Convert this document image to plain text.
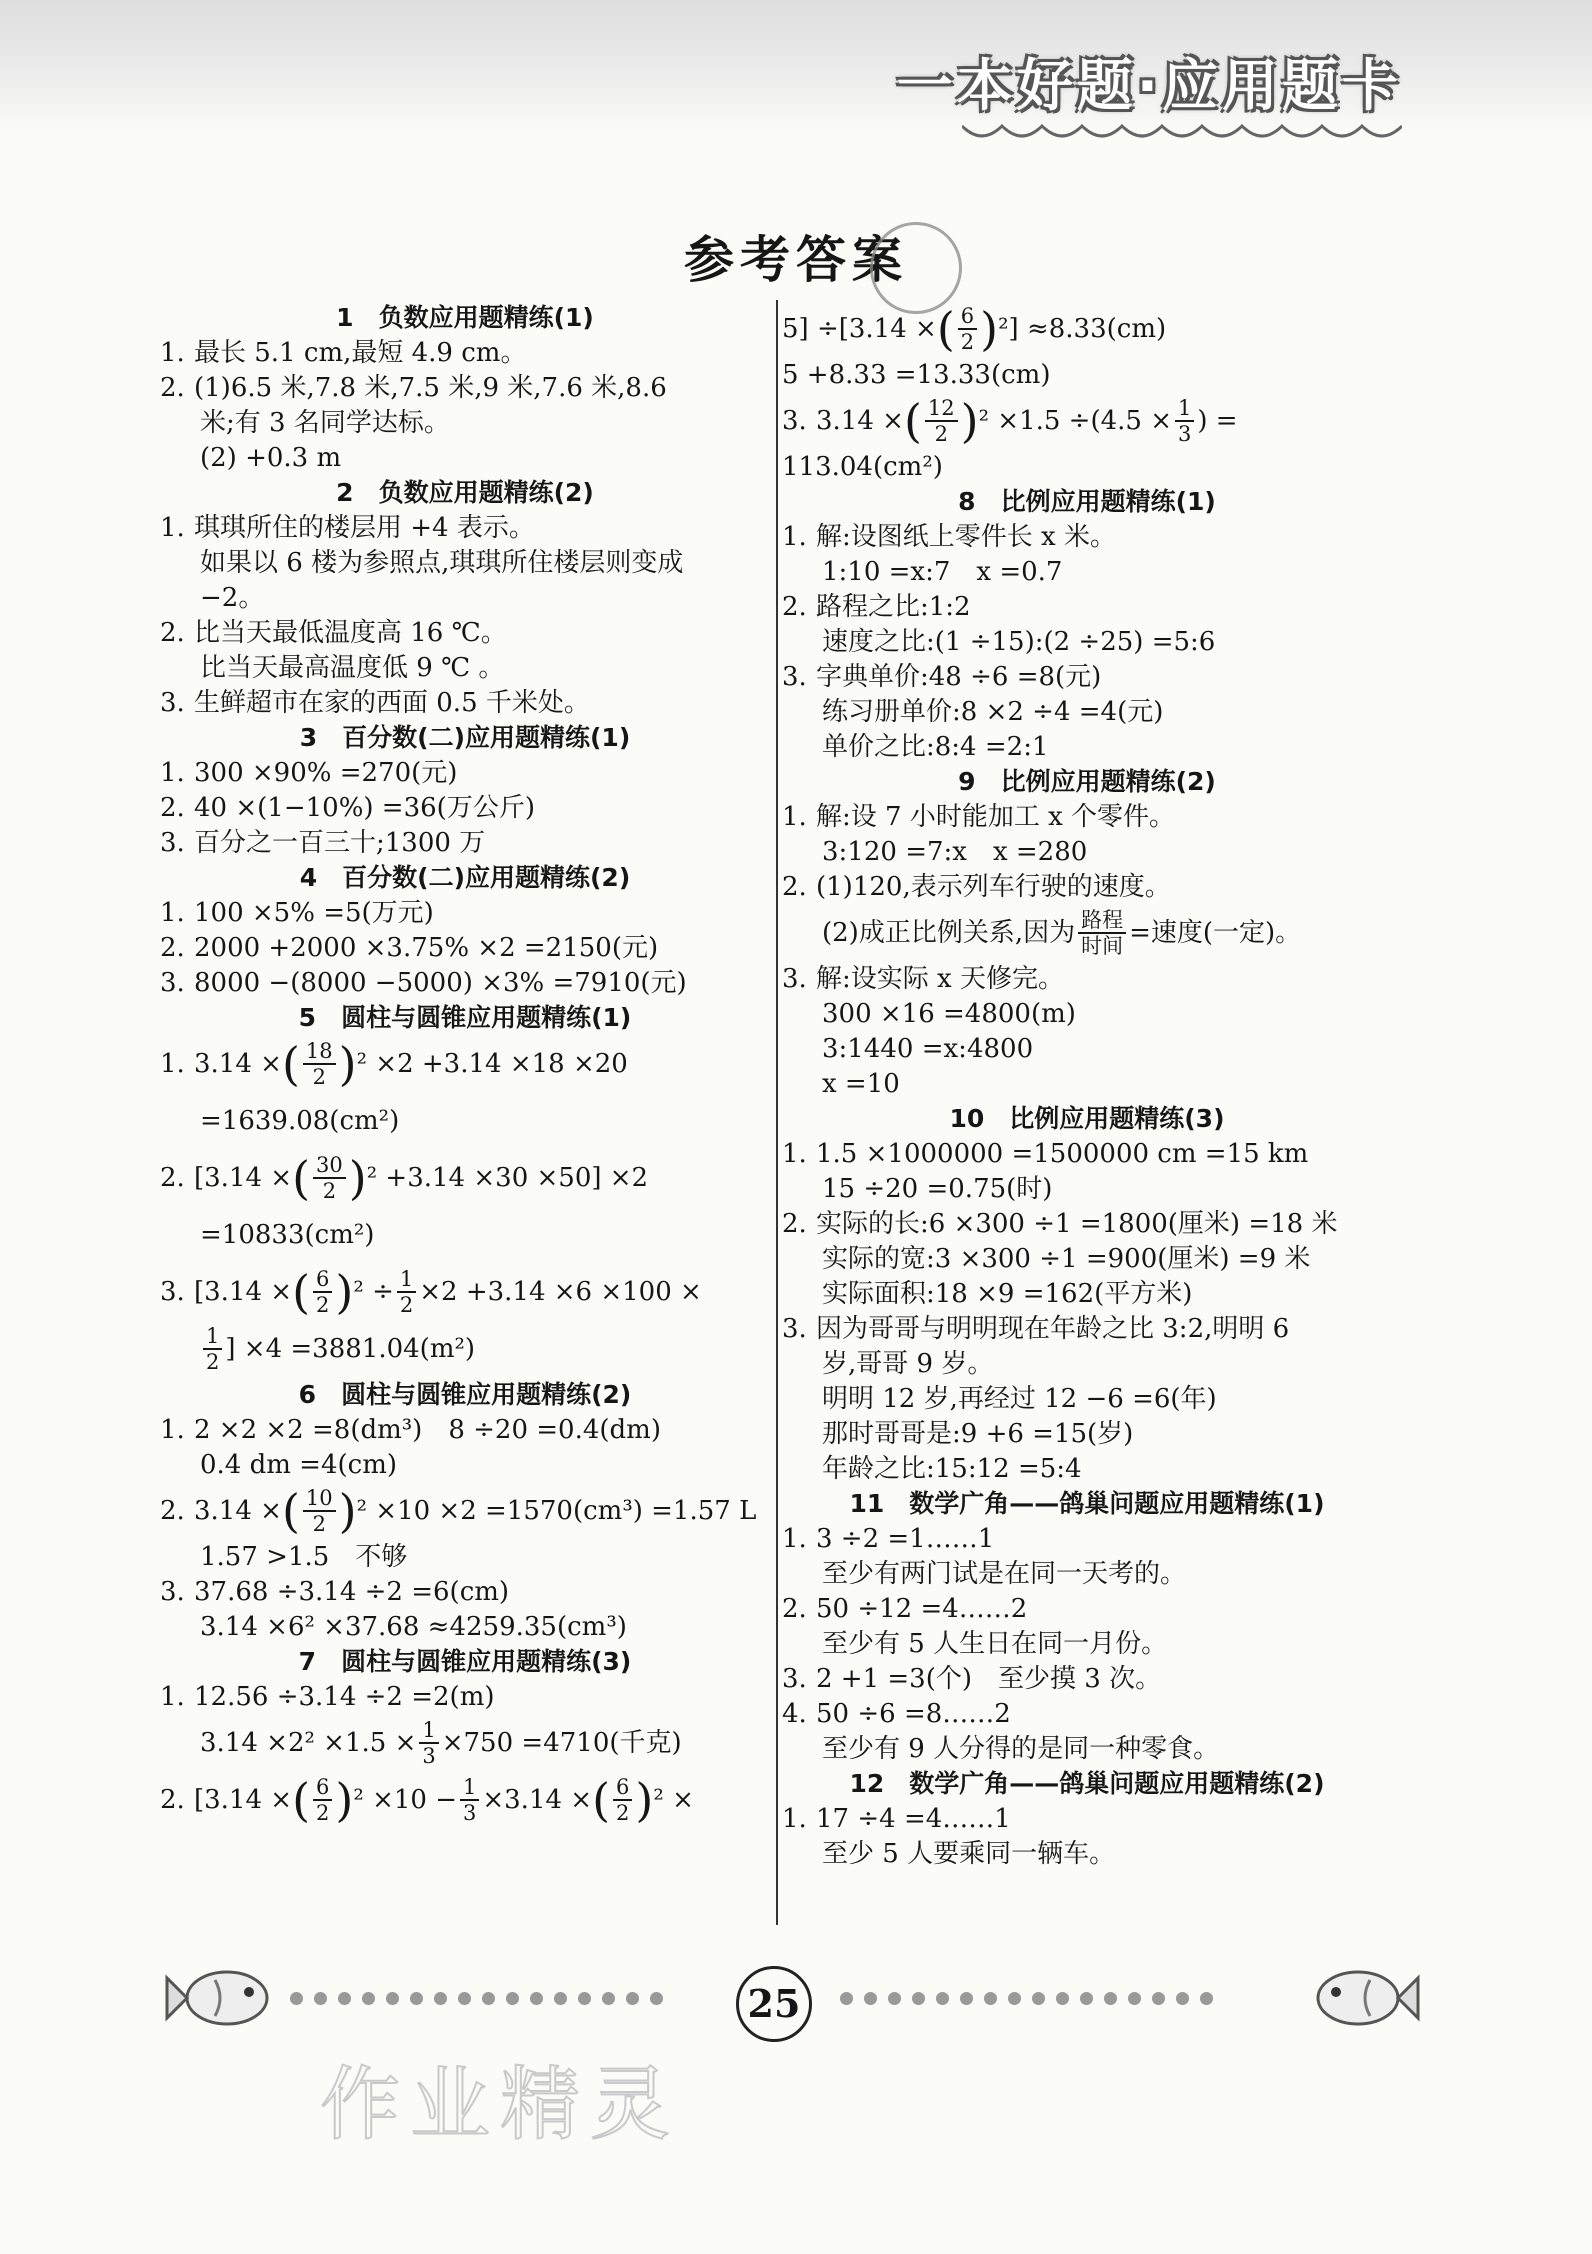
一本好题·应用题卡
参考答案
1　负数应用题精练(1)
1. 最长 5.1 cm,最短 4.9 cm。
2. (1)6.5 米,7.8 米,7.5 米,9 米,7.6 米,8.6
米;有 3 名同学达标。
(2) +0.3 m
2　负数应用题精练(2)
1. 琪琪所住的楼层用 +4 表示。
如果以 6 楼为参照点,琪琪所住楼层则变成
−2。
2. 比当天最低温度高 16 ℃。
比当天最高温度低 9 ℃ 。
3. 生鲜超市在家的西面 0.5 千米处。
3　百分数(二)应用题精练(1)
1. 300 ×90% =270(元)
2. 40 ×(1−10%) =36(万公斤)
3. 百分之一百三十;1300 万
4　百分数(二)应用题精练(2)
1. 100 ×5% =5(万元)
2. 2000 +2000 ×3.75% ×2 =2150(元)
3. 8000 −(8000 −5000) ×3% =7910(元)
5　圆柱与圆锥应用题精练(1)
1. 3.14 × ( $\frac{18}{2}$ ) ² ×2 +3.14 ×18 ×20
=1639.08(cm²)
2. [3.14 × ( $\frac{30}{2}$ ) ² +3.14 ×30 ×50] ×2
=10833(cm²)
3. [3.14 × ( $\frac{6}{2}$ ) $^2 \div \frac{1}{2} \times 2 +3.14 \times 6 \times 100$ ×
$\frac{1}{2}$ ] ×4 =3881.04(m²)
6　圆柱与圆锥应用题精练(2)
1. 2 ×2 ×2 =8(dm³)　8 ÷20 =0.4(dm)
0.4 dm =4(cm)
2. 3.14 × ( $\frac{10}{2}$ ) ² ×10 ×2 =1570(cm³) =1.57 L
1.57 >1.5　不够
3. 37.68 ÷3.14 ÷2 =6(cm)
3.14 ×6² ×37.68 ≈4259.35(cm³)
7　圆柱与圆锥应用题精练(3)
1. 12.56 ÷3.14 ÷2 =2(m)
$3.14 \times 2^2 \times 1.5 \times \frac{1}{3} \times 750 =4710$(千克)
2. [3.14 × ( $\frac{6}{2}$ ) $^2 \times 10 - \frac{1}{3} \times 3.14$ × ( $\frac{6}{2}$ ) ² ×
5] ÷[3.14 × ( $\frac{6}{2}$ ) ²] ≈8.33(cm)
5 +8.33 =13.33(cm)
3. 3.14 × ( $\frac{12}{2}$ ) $^2 \times 1.5 \div(4.5 \times \frac{1}{3}$ ) =
113.04(cm²)
8　比例应用题精练(1)
1. 解:设图纸上零件长 x 米。
1:10 =x:7　x =0.7
2. 路程之比:1:2
速度之比:(1 ÷15):(2 ÷25) =5:6
3. 字典单价:48 ÷6 =8(元)
练习册单价:8 ×2 ÷4 =4(元)
单价之比:8:4 =2:1
9　比例应用题精练(2)
1. 解:设 7 小时能加工 x 个零件。
3:120 =7:x　x =280
2. (1)120,表示列车行驶的速度。
(2)成正比例关系,因为 $\frac{\text{路程}}{\text{时间}}$ =速度(一定)。
3. 解:设实际 x 天修完。
300 ×16 =4800(m)
3:1440 =x:4800
x =10
10　比例应用题精练(3)
1. 1.5 ×1000000 =1500000 cm =15 km
15 ÷20 =0.75(时)
2. 实际的长:6 ×300 ÷1 =1800(厘米) =18 米
实际的宽:3 ×300 ÷1 =900(厘米) =9 米
实际面积:18 ×9 =162(平方米)
3. 因为哥哥与明明现在年龄之比 3:2,明明 6
岁,哥哥 9 岁。
明明 12 岁,再经过 12 −6 =6(年)
那时哥哥是:9 +6 =15(岁)
年龄之比:15:12 =5:4
11　数学广角——鸽巢问题应用题精练(1)
1. 3 ÷2 =1……1
至少有两门试是在同一天考的。
2. 50 ÷12 =4……2
至少有 5 人生日在同一月份。
3. 2 +1 =3(个)　至少摸 3 次。
4. 50 ÷6 =8……2
至少有 9 人分得的是同一种零食。
12　数学广角——鸽巢问题应用题精练(2)
1. 17 ÷4 =4……1
至少 5 人要乘同一辆车。
25
作业精灵
